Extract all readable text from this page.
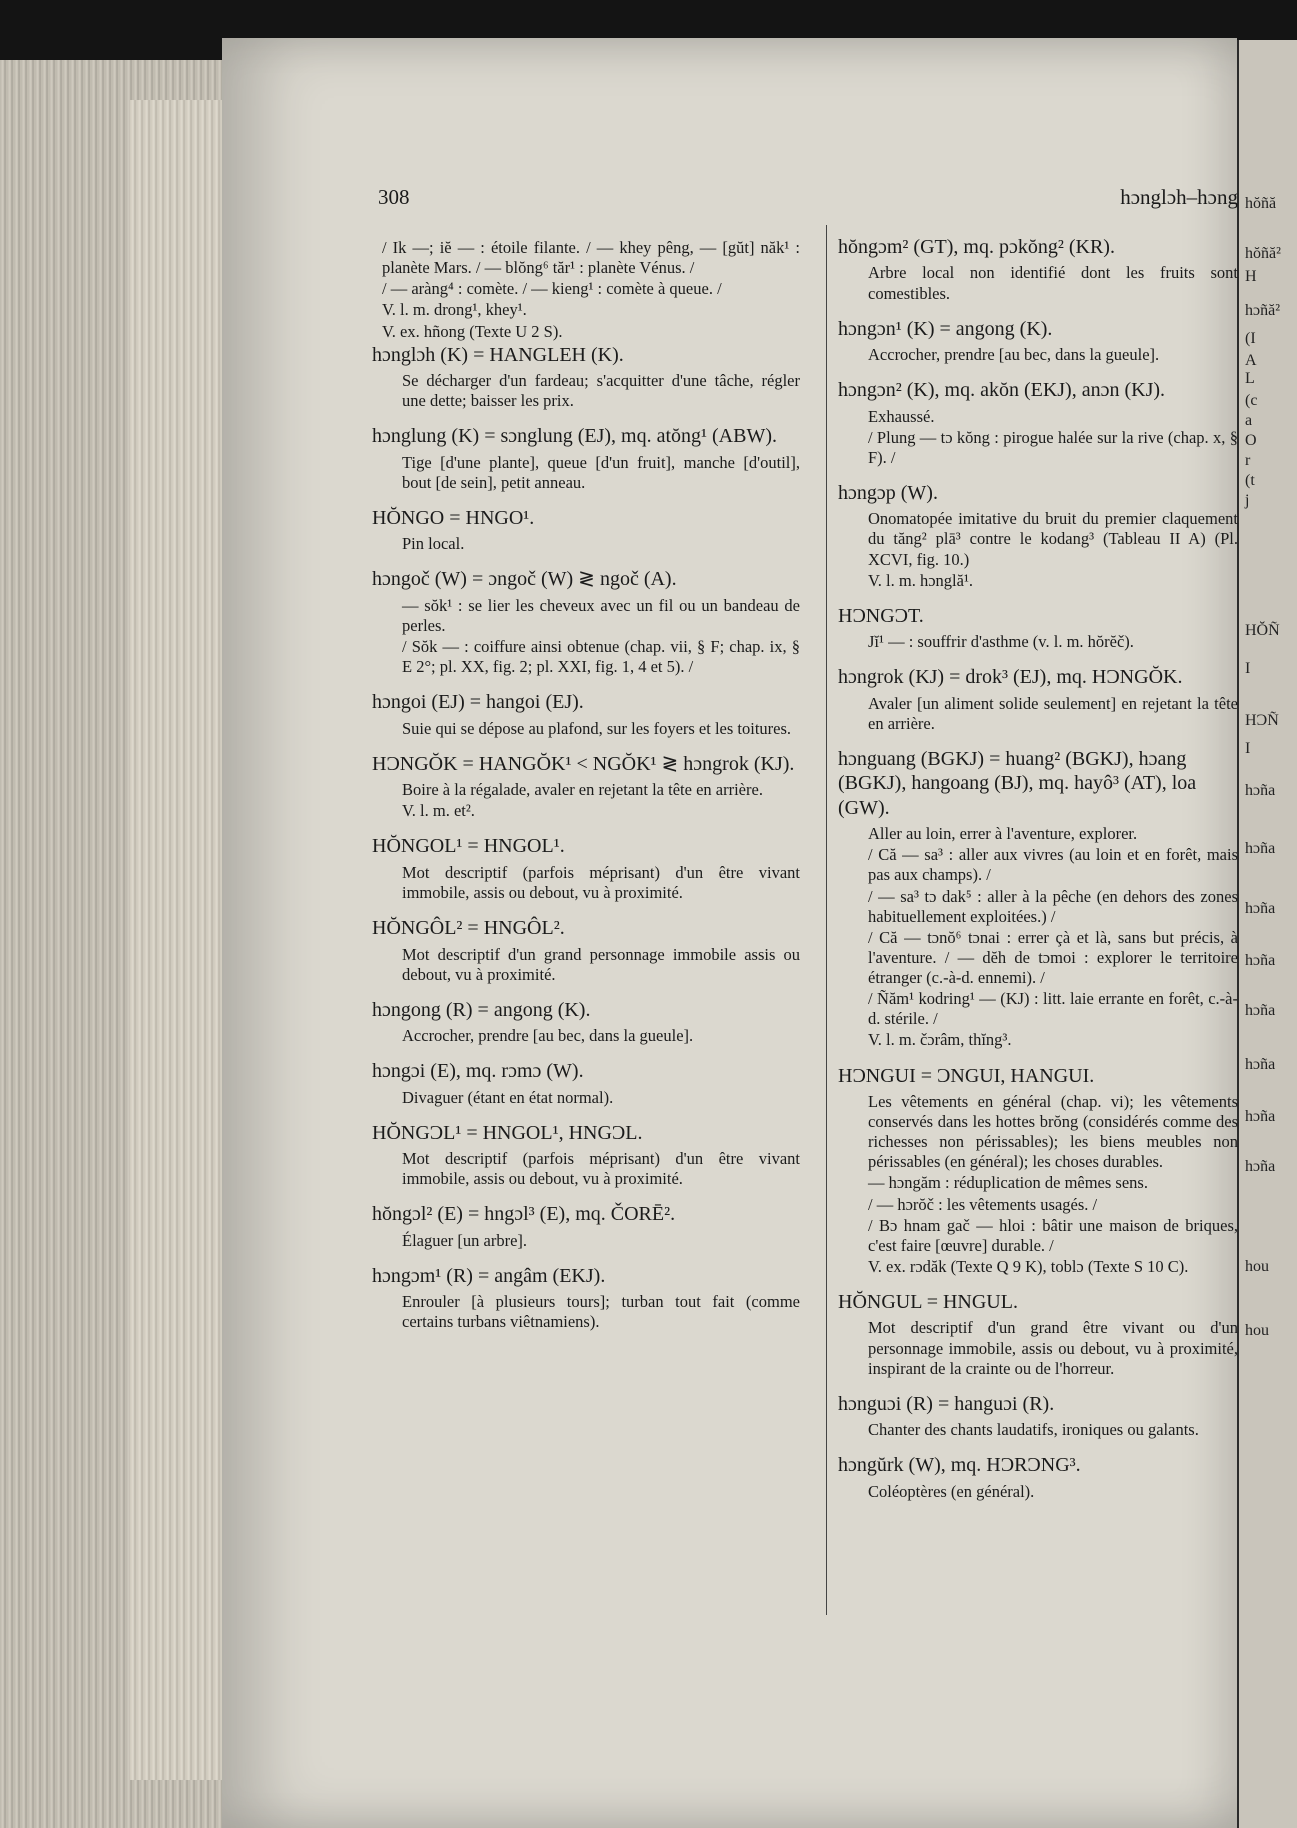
hŏñă
hŏñă²
H
hɔñă²
(I
A
L
(c
a
O
r
(t
j
HŎÑ
I
HƆÑ
I
hɔña
hɔña
hɔña
hɔña
hɔña
hɔña
hɔña
hɔña
hou
hou
308	hɔnglɔh–hɔng
/ Ik —; iĕ — : étoile filante. / — khey pêng, — [gŭt] năk¹ : planète Mars. / — blŏng⁶ tăr¹ : planète Vénus. /
/ — aràng⁴ : comète. / — kieng¹ : comète à queue. /
V. l. m. drong¹, khey¹.
V. ex. hñong (Texte U 2 S).
hɔnglɔh (K) = HANGLEH (K).
Se décharger d'un fardeau; s'acquitter d'une tâche, régler une dette; baisser les prix.
hɔnglung (K) = sɔnglung (EJ), mq. atŏng¹ (ABW).
Tige [d'une plante], queue [d'un fruit], manche [d'outil], bout [de sein], petit anneau.
HŎNGO = HNGO¹.
Pin local.
hɔngoč (W) = ɔngoč (W) ≷ ngoč (A).
— sŏk¹ : se lier les cheveux avec un fil ou un bandeau de perles.
/ Sŏk — : coiffure ainsi obtenue (chap. vii, § F; chap. ix, § E 2°; pl. XX, fig. 2; pl. XXI, fig. 1, 4 et 5). /
hɔngoi (EJ) = hangoi (EJ).
Suie qui se dépose au plafond, sur les foyers et les toitures.
HƆNGŎK = HANGŎK¹ < NGŎK¹ ≷ hɔngrok (KJ).
Boire à la régalade, avaler en rejetant la tête en arrière.
V. l. m. et².
HŎNGOL¹ = HNGOL¹.
Mot descriptif (parfois méprisant) d'un être vivant immobile, assis ou debout, vu à proximité.
HŎNGÔL² = HNGÔL².
Mot descriptif d'un grand personnage immobile assis ou debout, vu à proximité.
hɔngong (R) = angong (K).
Accrocher, prendre [au bec, dans la gueule].
hɔngɔi (E), mq. rɔmɔ (W).
Divaguer (étant en état normal).
HŎNGƆL¹ = HNGOL¹, HNGƆL.
Mot descriptif (parfois méprisant) d'un être vivant immobile, assis ou debout, vu à proximité.
hŏngɔl² (E) = hngɔl³ (E), mq. ČORĒ².
Élaguer [un arbre].
hɔngɔm¹ (R) = angâm (EKJ).
Enrouler [à plusieurs tours]; turban tout fait (comme certains turbans viêtnamiens).
hŏngɔm² (GT), mq. pɔkŏng² (KR).
Arbre local non identifié dont les fruits sont comestibles.
hɔngɔn¹ (K) = angong (K).
Accrocher, prendre [au bec, dans la gueule].
hɔngɔn² (K), mq. akŏn (EKJ), anɔn (KJ).
Exhaussé.
/ Plung — tɔ kŏng : pirogue halée sur la rive (chap. x, § F). /
hɔngɔp (W).
Onomatopée imitative du bruit du premier claquement du tăng² plā³ contre le kodang³ (Tableau II A) (Pl. XCVI, fig. 10.)
V. l. m. hɔnglă¹.
HƆNGƆT.
Jĭ¹ — : souffrir d'asthme (v. l. m. hŏrĕč).
hɔngrok (KJ) = drok³ (EJ), mq. HƆNGŎK.
Avaler [un aliment solide seulement] en rejetant la tête en arrière.
hɔnguang (BGKJ) = huang² (BGKJ), hɔang (BGKJ), hangoang (BJ), mq. hayô³ (AT), loa (GW).
Aller au loin, errer à l'aventure, explorer.
/ Că — sa³ : aller aux vivres (au loin et en forêt, mais pas aux champs). /
/ — sa³ tɔ dak⁵ : aller à la pêche (en dehors des zones habituellement exploitées.) /
/ Că — tɔnŏ⁶ tɔnai : errer çà et là, sans but précis, à l'aventure. / — dĕh de tɔmoi : explorer le territoire étranger (c.-à-d. ennemi). /
/ Ñăm¹ kodring¹ — (KJ) : litt. laie errante en forêt, c.-à-d. stérile. /
V. l. m. čɔrâm, thĭng³.
HƆNGUI = ƆNGUI, HANGUI.
Les vêtements en général (chap. vi); les vêtements conservés dans les hottes brŏng (considérés comme des richesses non périssables); les biens meubles non périssables (en général); les choses durables.
— hɔngăm : réduplication de mêmes sens.
/ — hɔrŏč : les vêtements usagés. /
/ Bɔ hnam gač — hloi : bâtir une maison de briques, c'est faire [œuvre] durable. /
V. ex. rɔdăk (Texte Q 9 K), toblɔ (Texte S 10 C).
HŎNGUL = HNGUL.
Mot descriptif d'un grand être vivant ou d'un personnage immobile, assis ou debout, vu à proximité, inspirant de la crainte ou de l'horreur.
hɔnguɔi (R) = hanguɔi (R).
Chanter des chants laudatifs, ironiques ou galants.
hɔngŭrk (W), mq. HƆRƆNG³.
Coléoptères (en général).
